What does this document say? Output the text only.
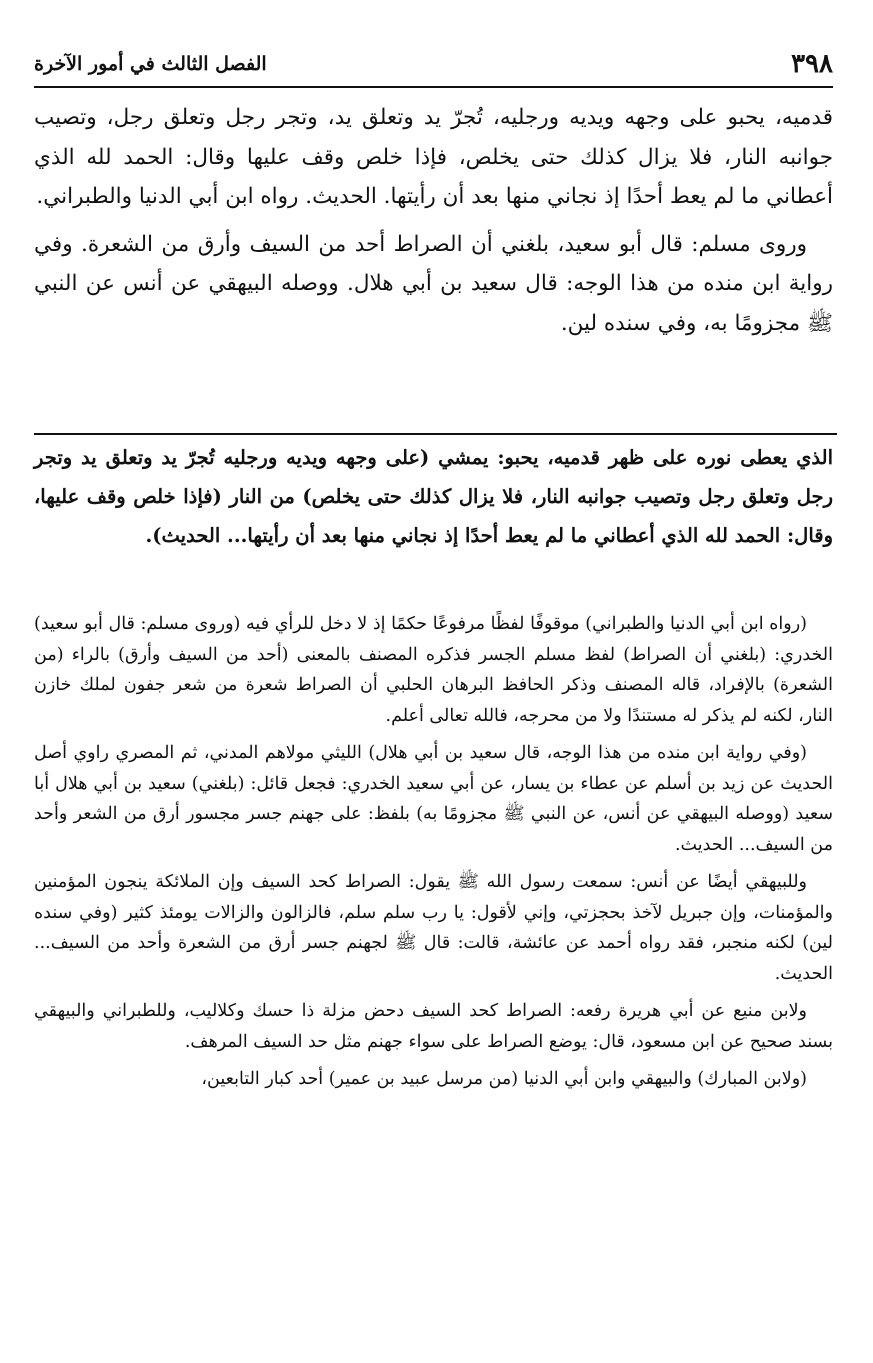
٣٩٨
الفصل الثالث في أمور الآخرة

قدميه، يحبو على وجهه ويديه ورجليه، تُجرّ يد وتعلق يد، وتجر رجل وتعلق رجل، وتصيب جوانبه النار، فلا يزال كذلك حتى يخلص، فإذا خلص وقف عليها وقال: الحمد لله الذي أعطاني ما لم يعط أحدًا إذ نجاني منها بعد أن رأيتها. الحديث. رواه ابن أبي الدنيا والطبراني.

وروى مسلم: قال أبو سعيد، بلغني أن الصراط أحد من السيف وأرق من الشعرة. وفي رواية ابن منده من هذا الوجه: قال سعيد بن أبي هلال. ووصله البيهقي عن أنس عن النبي ﷺ مجزومًا به، وفي سنده لين.

الذي يعطى نوره على ظهر قدميه، يحبو: يمشي (على وجهه ويديه ورجليه تُجرّ يد وتعلق يد وتجر رجل وتعلق رجل وتصيب جوانبه النار، فلا يزال كذلك حتى يخلص) من النار (فإذا خلص وقف عليها، وقال: الحمد لله الذي أعطاني ما لم يعط أحدًا إذ نجاني منها بعد أن رأيتها... الحديث).

(رواه ابن أبي الدنيا والطبراني) موقوفًا لفظًا مرفوعًا حكمًا إذ لا دخل للرأي فيه (وروى مسلم: قال أبو سعيد) الخدري: (بلغني أن الصراط) لفظ مسلم الجسر فذكره المصنف بالمعنى (أحد من السيف وأرق) بالراء (من الشعرة) بالإفراد، قاله المصنف وذكر الحافظ البرهان الحلبي أن الصراط شعرة من شعر جفون لملك خازن النار، لكنه لم يذكر له مستندًا ولا من محرجه، فالله تعالى أعلم.

(وفي رواية ابن منده من هذا الوجه، قال سعيد بن أبي هلال) الليثي مولاهم المدني، ثم المصري راوي أصل الحديث عن زيد بن أسلم عن عطاء بن يسار، عن أبي سعيد الخدري: فجعل قائل: (بلغني) سعيد بن أبي هلال أبا سعيد (ووصله البيهقي عن أنس، عن النبي ﷺ مجزومًا به) بلفظ: على جهنم جسر مجسور أرق من الشعر وأحد من السيف... الحديث.

وللبيهقي أيضًا عن أنس: سمعت رسول الله ﷺ يقول: الصراط كحد السيف وإن الملائكة ينجون المؤمنين والمؤمنات، وإن جبريل لآخذ بحجزتي، وإني لأقول: يا رب سلم سلم، فالزالون والزالات يومئذ كثير (وفي سنده لين) لكنه منجبر، فقد رواه أحمد عن عائشة، قالت: قال ﷺ لجهنم جسر أرق من الشعرة وأحد من السيف... الحديث.

ولابن منيع عن أبي هريرة رفعه: الصراط كحد السيف دحض مزلة ذا حسك وكلاليب، وللطبراني والبيهقي بسند صحيح عن ابن مسعود، قال: يوضع الصراط على سواء جهنم مثل حد السيف المرهف.

(ولابن المبارك) والبيهقي وابن أبي الدنيا (من مرسل عبيد بن عمير) أحد كبار التابعين،
